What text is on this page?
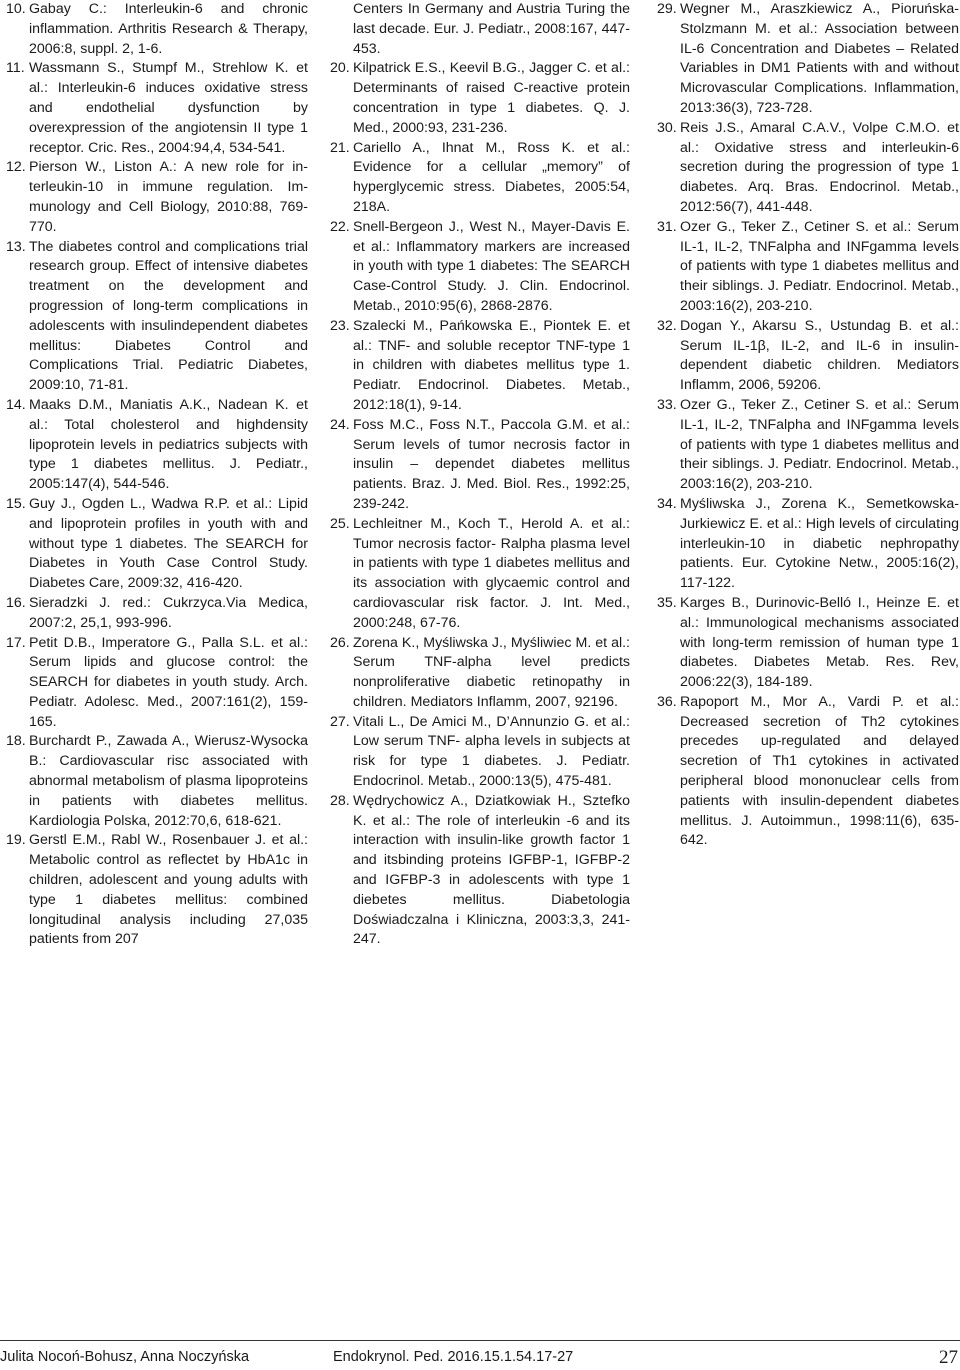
10. Gabay C.: Interleukin-6 and chronic inflammation. Arthritis Research & Therapy, 2006:8, suppl. 2, 1-6.

11. Wassmann S., Stumpf M., Strehlow K. et al.: Interleukin-6 induces oxidative stress and endothelial dysfunction by overexpression of the angiotensin II type 1 receptor. Cric. Res., 2004:94,4, 534-541.

12. Pierson W., Liston A.: A new role for interleukin-10 in immune regulation. Immunology and Cell Biology, 2010:88, 769-770.

13. The diabetes control and complications trial research group. Effect of intensive diabetes treatment on the development and progression of long-term complications in adolescents with insulindependent diabetes mellitus: Diabetes Control and Complications Trial. Pediatric Diabetes, 2009:10, 71-81.

14. Maaks D.M., Maniatis A.K., Nadean K. et al.: Total cholesterol and highdensity lipoprotein levels in pediatrics subjects with type 1 diabetes mellitus. J. Pediatr., 2005:147(4), 544-546.

15. Guy J., Ogden L., Wadwa R.P. et al.: Lipid and lipoprotein profiles in youth with and without type 1 diabetes. The SEARCH for Diabetes in Youth Case Control Study. Diabetes Care, 2009:32, 416-420.

16. Sieradzki J. red.: Cukrzyca.Via Medica, 2007:2, 25,1, 993-996.

17. Petit D.B., Imperatore G., Palla S.L. et al.: Serum lipids and glucose control: the SEARCH for diabetes in youth study. Arch. Pediatr. Adolesc. Med., 2007:161(2), 159-165.

18. Burchardt P., Zawada A., Wierusz-Wysocka B.: Cardiovascular risc associated with abnormal metabolism of plasma lipoproteins in patients with diabetes mellitus. Kardiologia Polska, 2012:70,6, 618-621.

19. Gerstl E.M., Rabl W., Rosenbauer J. et al.: Metabolic control as reflectet by HbA1c in children, adolescent and young adults with type 1 diabetes mellitus: combined longitudinal analysis including 27,035 patients from 207

Centers In Germany and Austria Turing the last decade. Eur. J. Pediatr., 2008:167, 447-453.

20. Kilpatrick E.S., Keevil B.G., Jagger C. et al.: Determinants of raised C-reactive protein concentration in type 1 diabetes. Q. J. Med., 2000:93, 231-236.

21. Cariello A., Ihnat M., Ross K. et al.: Evidence for a cellular „memory” of hyperglycemic stress. Diabetes, 2005:54, 218A.

22. Snell-Bergeon J., West N., Mayer-Davis E. et al.: Inflammatory markers are increased in youth with type 1 diabetes: The SEARCH Case-Control Study. J. Clin. Endocrinol. Metab., 2010:95(6), 2868-2876.

23. Szalecki M., Pańkowska E., Piontek E. et al.: TNF- and soluble receptor TNF-type 1 in children with diabetes mellitus type 1. Pediatr. Endocrinol. Diabetes. Metab., 2012:18(1), 9-14.

24. Foss M.C., Foss N.T., Paccola G.M. et al.: Serum levels of tumor necrosis factor in insulin – dependet diabetes mellitus patients. Braz. J. Med. Biol. Res., 1992:25, 239-242.

25. Lechleitner M., Koch T., Herold A. et al.: Tumor necrosis factor- Ralpha plasma level in patients with type 1 diabetes mellitus and its association with glycaemic control and cardiovascular risk factor. J. Int. Med., 2000:248, 67-76.

26. Zorena K., Myśliwska J., Myśliwiec M. et al.: Serum TNF-alpha level predicts nonproliferative diabetic retinopathy in children. Mediators Inflamm, 2007, 92196.

27. Vitali L., De Amici M., D’Annunzio G. et al.: Low serum TNF- alpha levels in subjects at risk for type 1 diabetes. J. Pediatr. Endocrinol. Metab., 2000:13(5), 475-481.

28. Wędrychowicz A., Dziatkowiak H., Sztefko K. et al.: The role of interleukin -6 and its interaction with insulin-like growth factor 1 and itsbinding proteins IGFBP-1, IGFBP-2 and IGFBP-3 in adolescents with type 1 diebetes mellitus. Diabetologia Doświadczalna i Kliniczna, 2003:3,3, 241-247.

29. Wegner M., Araszkiewicz A., Pioruńska-Stolzmann M. et al.: Association between IL-6 Concentration and Diabetes – Related Variables in DM1 Patients with and without Microvascular Complications. Inflammation, 2013:36(3), 723-728.

30. Reis J.S., Amaral C.A.V., Volpe C.M.O. et al.: Oxidative stress and interleukin-6 secretion during the progression of type 1 diabetes. Arq. Bras. Endocrinol. Metab., 2012:56(7), 441-448.

31. Ozer G., Teker Z., Cetiner S. et al.: Serum IL-1, IL-2, TNFalpha and INFgamma levels of patients with type 1 diabetes mellitus and their siblings. J. Pediatr. Endocrinol. Metab., 2003:16(2), 203-210.

32. Dogan Y., Akarsu S., Ustundag B. et al.: Serum IL-1β, IL-2, and IL-6 in insulin-dependent diabetic children. Mediators Inflamm, 2006, 59206.

33. Ozer G., Teker Z., Cetiner S. et al.: Serum IL-1, IL-2, TNFalpha and INFgamma levels of patients with type 1 diabetes mellitus and their siblings. J. Pediatr. Endocrinol. Metab., 2003:16(2), 203-210.

34. Myśliwska J., Zorena K., Semetkowska-Jurkiewicz E. et al.: High levels of circulating interleukin-10 in diabetic nephropathy patients. Eur. Cytokine Netw., 2005:16(2), 117-122.

35. Karges B., Durinovic-Belló I., Heinze E. et al.: Immunological mechanisms associated with long-term remission of human type 1 diabetes. Diabetes Metab. Res. Rev, 2006:22(3), 184-189.

36. Rapoport M., Mor A., Vardi P. et al.: Decreased secretion of Th2 cytokines precedes up-regulated and delayed secretion of Th1 cytokines in activated peripheral blood mononuclear cells from patients with insulin-dependent diabetes mellitus. J. Autoimmun., 1998:11(6), 635-642.

Julita Nocoń-Bohusz, Anna Noczyńska	Endokrynol. Ped. 2016.15.1.54.17-27	27
